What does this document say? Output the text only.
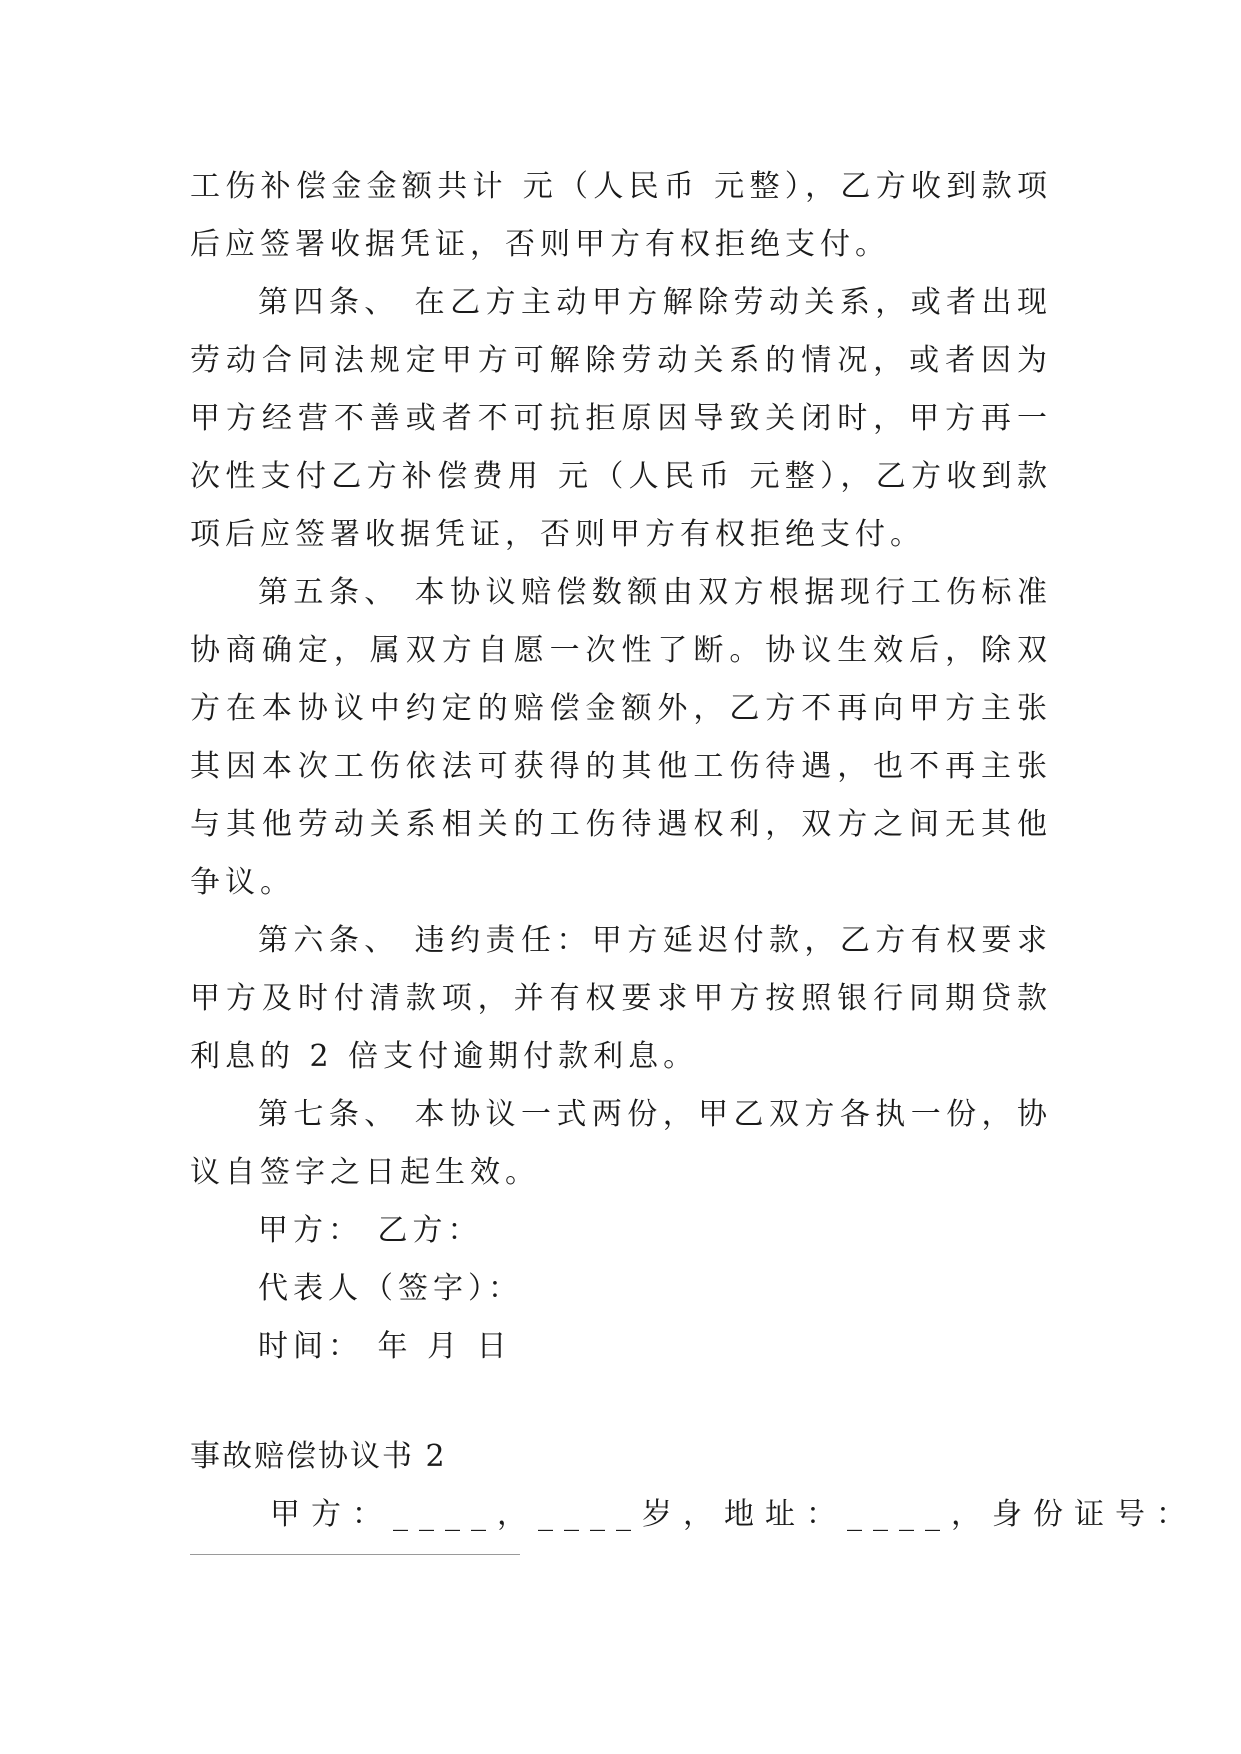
工伤补偿金金额共计 元（人民币 元整），乙方收到款项后应签署收据凭证，否则甲方有权拒绝支付。

第四条、 在乙方主动甲方解除劳动关系，或者出现劳动合同法规定甲方可解除劳动关系的情况，或者因为甲方经营不善或者不可抗拒原因导致关闭时，甲方再一次性支付乙方补偿费用 元（人民币 元整），乙方收到款项后应签署收据凭证，否则甲方有权拒绝支付。

第五条、 本协议赔偿数额由双方根据现行工伤标准协商确定，属双方自愿一次性了断。协议生效后，除双方在本协议中约定的赔偿金额外，乙方不再向甲方主张其因本次工伤依法可获得的其他工伤待遇，也不再主张与其他劳动关系相关的工伤待遇权利，双方之间无其他争议。

第六条、 违约责任：甲方延迟付款，乙方有权要求甲方及时付清款项，并有权要求甲方按照银行同期贷款利息的 2 倍支付逾期付款利息。

第七条、 本协议一式两份，甲乙双方各执一份，协议自签字之日起生效。

甲方： 乙方：

代表人（签字）：

时间： 年 月 日

事故赔偿协议书 2

甲方：____，____岁，地址：____，身份证号：
